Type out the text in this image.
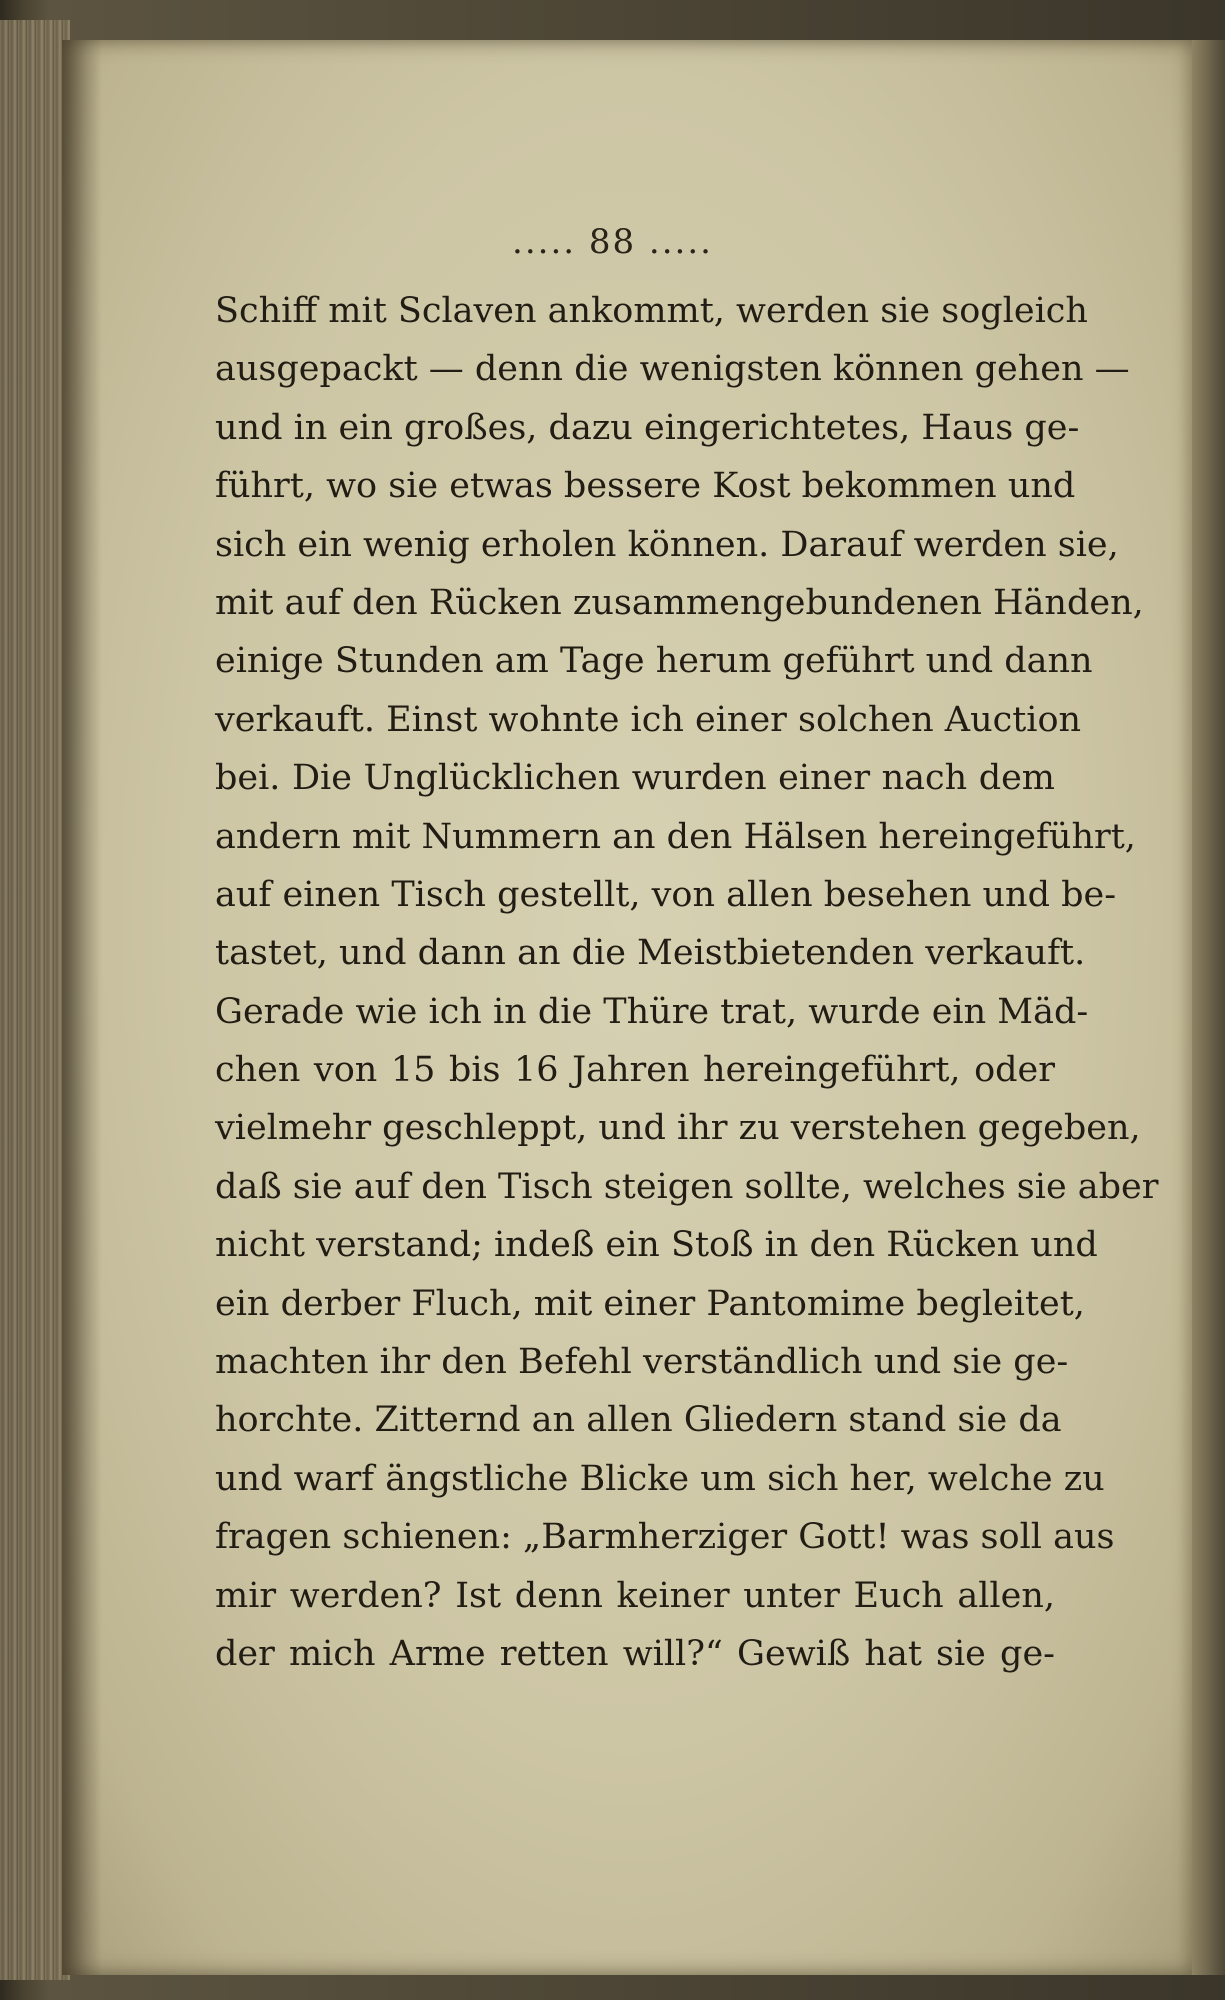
..... 88 .....
Schiff mit Sclaven ankommt, werden sie sogleich
ausgepackt — denn die wenigsten können gehen —
und in ein großes, dazu eingerichtetes, Haus ge-
führt, wo sie etwas bessere Kost bekommen und
sich ein wenig erholen können. Darauf werden sie,
mit auf den Rücken zusammengebundenen Händen,
einige Stunden am Tage herum geführt und dann
verkauft. Einst wohnte ich einer solchen Auction
bei. Die Unglücklichen wurden einer nach dem
andern mit Nummern an den Hälsen hereingeführt,
auf einen Tisch gestellt, von allen besehen und be-
tastet, und dann an die Meistbietenden verkauft.
Gerade wie ich in die Thüre trat, wurde ein Mäd-
chen von 15 bis 16 Jahren hereingeführt, oder
vielmehr geschleppt, und ihr zu verstehen gegeben,
daß sie auf den Tisch steigen sollte, welches sie aber
nicht verstand; indeß ein Stoß in den Rücken und
ein derber Fluch, mit einer Pantomime begleitet,
machten ihr den Befehl verständlich und sie ge-
horchte. Zitternd an allen Gliedern stand sie da
und warf ängstliche Blicke um sich her, welche zu
fragen schienen: „Barmherziger Gott! was soll aus
mir werden? Ist denn keiner unter Euch allen,
der mich Arme retten will?“ Gewiß hat sie ge-
